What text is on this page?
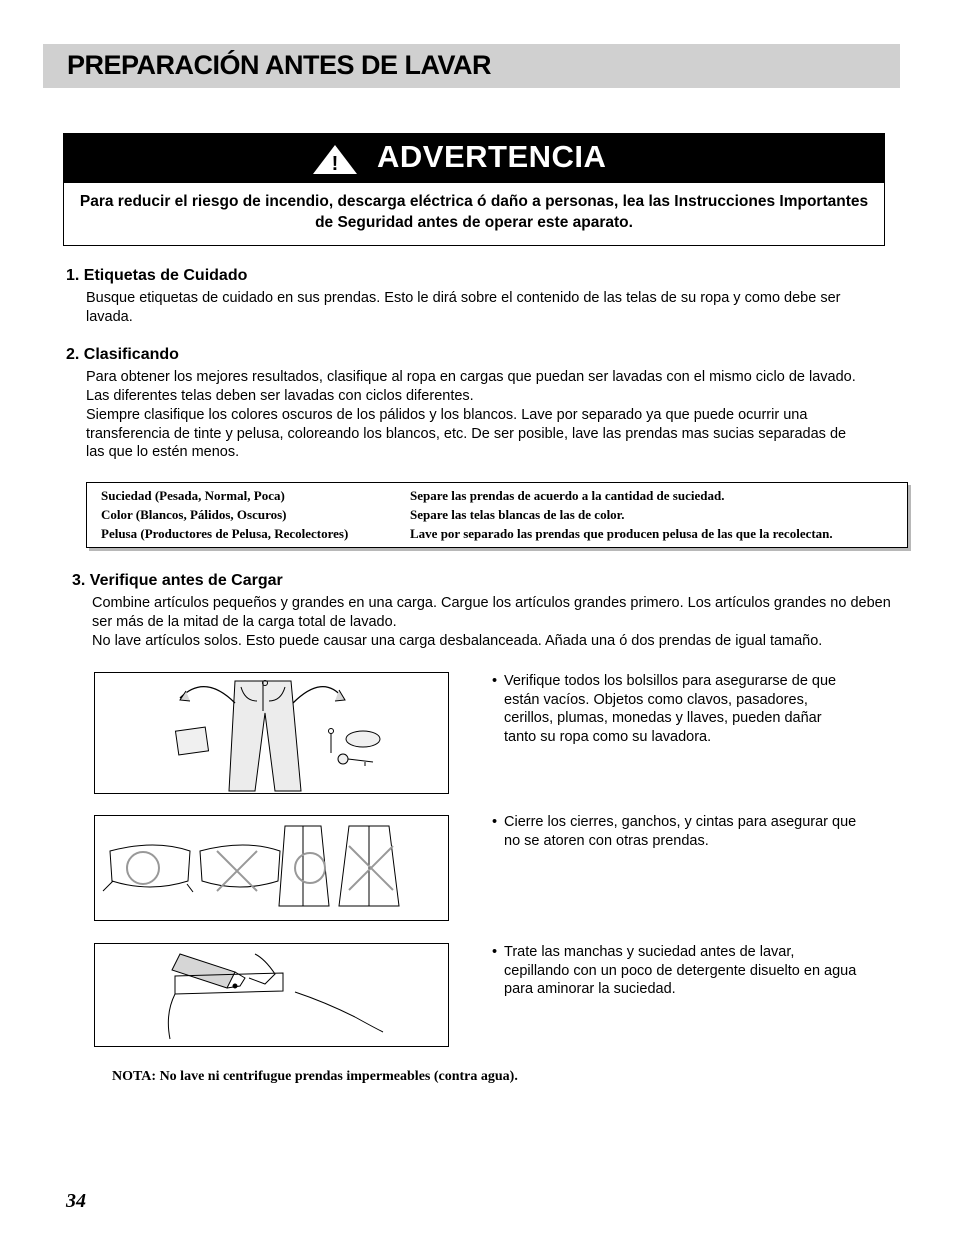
PREPARACIÓN ANTES DE LAVAR
! ADVERTENCIA
Para reducir el riesgo de incendio, descarga eléctrica ó daño a personas, lea las Instrucciones Importantes de Seguridad antes de operar este aparato.
1. Etiquetas de Cuidado

Busque etiquetas de cuidado en sus prendas. Esto le dirá sobre el contenido de las telas de su ropa y como debe ser lavada.

2. Clasificando

Para obtener los mejores resultados, clasifique al ropa en cargas que puedan ser lavadas con el mismo ciclo de lavado. Las diferentes telas deben ser lavadas con ciclos diferentes.

Siempre clasifique los colores oscuros de los pálidos y los blancos. Lave por separado ya que puede ocurrir una transferencia de tinte y pelusa, coloreando los blancos, etc. De ser posible, lave las prendas mas sucias separadas de las que lo estén menos.

Suciedad (Pesada, Normal, Poca)	Separe las prendas de acuerdo a la cantidad de suciedad.
Color (Blancos, Pálidos, Oscuros)	Separe las telas blancas de las de color.
Pelusa (Productores de Pelusa, Recolectores)	Lave por separado las prendas que producen pelusa de las que la recolectan.
3. Verifique antes de Cargar

Combine artículos pequeños y grandes en una carga. Cargue los artículos grandes primero. Los artículos grandes no deben ser más de la mitad de la carga total de lavado.

No lave artículos solos. Esto puede causar una carga desbalanceada. Añada una ó dos prendas de igual tamaño.

• Verifique todos los bolsillos para asegurarse de que están vacíos. Objetos como clavos, pasadores, cerillos, plumas, monedas y llaves, pueden dañar tanto su ropa como su lavadora.
• Cierre los cierres, ganchos, y cintas para asegurar que no se atoren con otras prendas.
• Trate las manchas y suciedad antes de lavar, cepillando con un poco de detergente disuelto en agua para aminorar la suciedad.
NOTA: No lave ni centrifugue prendas impermeables (contra agua).
34
